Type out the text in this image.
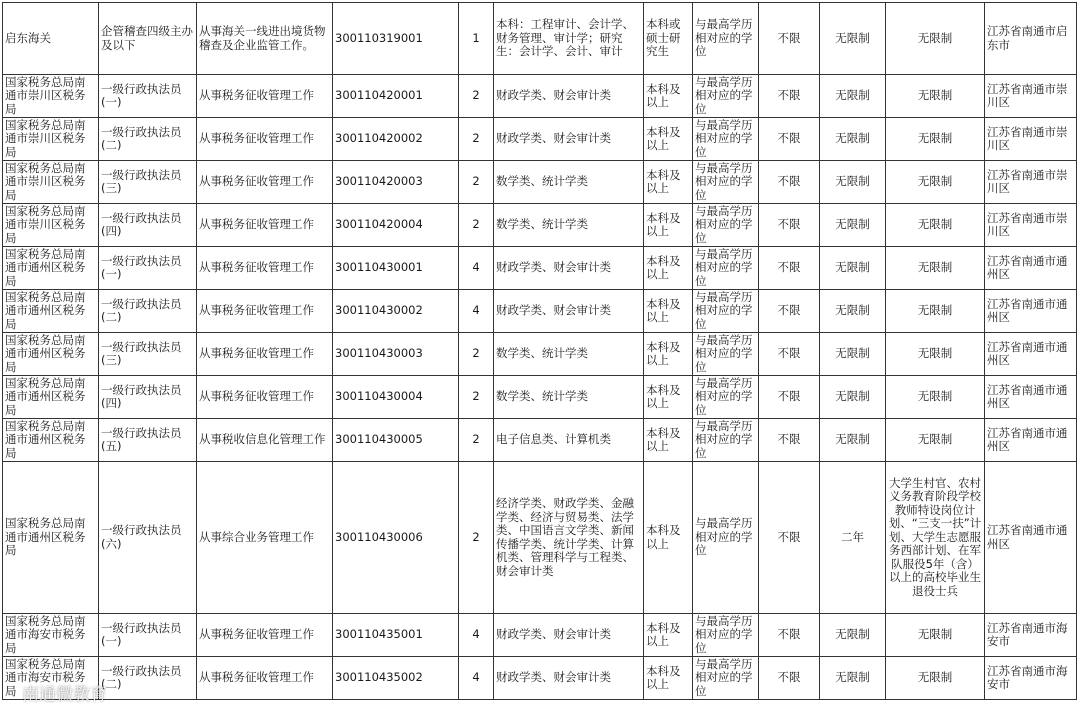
启东海关	企管稽查四级主办及以下	从事海关一线进出境货物稽查及企业监管工作。	300110319001	1	本科：工程审计、会计学、财务管理、审计学；研究生：会计学、会计、审计	本科或硕士研究生	与最高学历相对应的学位	不限	无限制	无限制	江苏省南通市启东市
国家税务总局南通市崇川区税务局	一级行政执法员(一)	从事税务征收管理工作	300110420001	2	财政学类、财会审计类	本科及以上	与最高学历相对应的学位	不限	无限制	无限制	江苏省南通市崇川区
国家税务总局南通市崇川区税务局	一级行政执法员(二)	从事税务征收管理工作	300110420002	2	财政学类、财会审计类	本科及以上	与最高学历相对应的学位	不限	无限制	无限制	江苏省南通市崇川区
国家税务总局南通市崇川区税务局	一级行政执法员(三)	从事税务征收管理工作	300110420003	2	数学类、统计学类	本科及以上	与最高学历相对应的学位	不限	无限制	无限制	江苏省南通市崇川区
国家税务总局南通市崇川区税务局	一级行政执法员(四)	从事税务征收管理工作	300110420004	2	数学类、统计学类	本科及以上	与最高学历相对应的学位	不限	无限制	无限制	江苏省南通市崇川区
国家税务总局南通市通州区税务局	一级行政执法员(一)	从事税务征收管理工作	300110430001	4	财政学类、财会审计类	本科及以上	与最高学历相对应的学位	不限	无限制	无限制	江苏省南通市通州区
国家税务总局南通市通州区税务局	一级行政执法员(二)	从事税务征收管理工作	300110430002	4	财政学类、财会审计类	本科及以上	与最高学历相对应的学位	不限	无限制	无限制	江苏省南通市通州区
国家税务总局南通市通州区税务局	一级行政执法员(三)	从事税务征收管理工作	300110430003	2	数学类、统计学类	本科及以上	与最高学历相对应的学位	不限	无限制	无限制	江苏省南通市通州区
国家税务总局南通市通州区税务局	一级行政执法员(四)	从事税务征收管理工作	300110430004	2	数学类、统计学类	本科及以上	与最高学历相对应的学位	不限	无限制	无限制	江苏省南通市通州区
国家税务总局南通市通州区税务局	一级行政执法员(五)	从事税收信息化管理工作	300110430005	2	电子信息类、计算机类	本科及以上	与最高学历相对应的学位	不限	无限制	无限制	江苏省南通市通州区
国家税务总局南通市通州区税务局	一级行政执法员(六)	从事综合业务管理工作	300110430006	2	经济学类、财政学类、金融学类、经济与贸易类、法学类、中国语言文学类、新闻传播学类、统计学类、计算机类、管理科学与工程类、财会审计类	本科及以上	与最高学历相对应的学位	不限	二年	大学生村官、农村义务教育阶段学校教师特设岗位计划、“三支一扶”计划、大学生志愿服务西部计划、在军队服役5年（含）以上的高校毕业生退役士兵	江苏省南通市通州区
国家税务总局南通市海安市税务局	一级行政执法员(一)	从事税务征收管理工作	300110435001	4	财政学类、财会审计类	本科及以上	与最高学历相对应的学位	不限	无限制	无限制	江苏省南通市海安市
国家税务总局南通市海安市税务局	一级行政执法员(二)	从事税务征收管理工作	300110435002	4	财政学类、财会审计类	本科及以上	与最高学历相对应的学位	不限	无限制	无限制	江苏省南通市海安市
南通微教育
